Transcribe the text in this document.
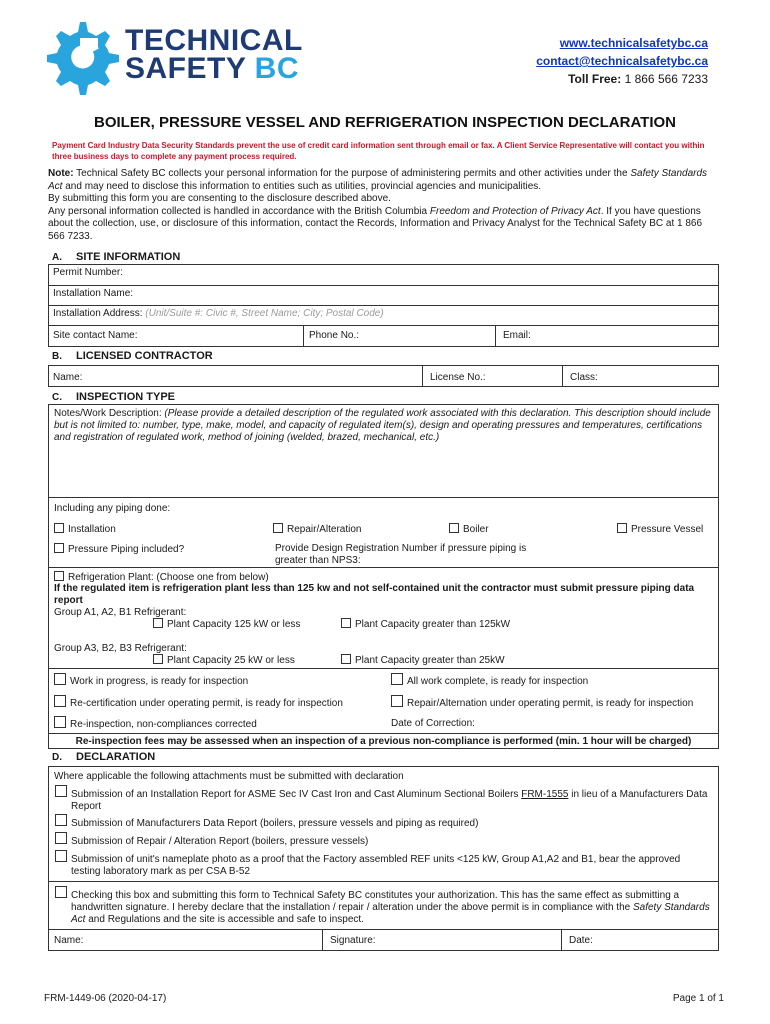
TECHNICAL
SAFETY BC
www.technicalsafetybc.ca
contact@technicalsafetybc.ca
Toll Free: 1 866 566 7233
BOILER, PRESSURE VESSEL AND REFRIGERATION INSPECTION DECLARATION
Payment Card Industry Data Security Standards prevent the use of credit card information sent through email or fax. A Client Service Representative will contact you within three business days to complete any payment process required.

Note: Technical Safety BC collects your personal information for the purpose of administering permits and other activities under the Safety Standards Act and may need to disclose this information to entities such as utilities, provincial agencies and municipalities.

By submitting this form you are consenting to the disclosure described above.

Any personal information collected is handled in accordance with the British Columbia Freedom and Protection of Privacy Act. If you have questions about the collection, use, or disclosure of this information, contact the Records, Information and Privacy Analyst for the Technical Safety BC at 1 866 566 7233.

A. SITE INFORMATION
Permit Number:
Installation Name:
Installation Address: (Unit/Suite #: Civic #, Street Name; City; Postal Code)
Site contact Name:	Phone No.:	Email:
B. LICENSED CONTRACTOR
Name:	License No.:	Class:
C. INSPECTION TYPE
Notes/Work Description: (Please provide a detailed description of the regulated work associated with this declaration. This description should include but is not limited to: number, type, make, model, and capacity of regulated item(s), design and operating pressures and temperatures, certifications and registration of regulated work, method of joining (welded, brazed, mechanical, etc.)
Including any piping done:
Installation	Repair/Alteration	Boiler	Pressure Vessel
Pressure Piping included?	Provide Design Registration Number if pressure piping is greater than NPS3:
Refrigeration Plant: (Choose one from below)
If the regulated item is refrigeration plant less than 125 kw and not self-contained unit the contractor must submit pressure piping data report
Group A1, A2, B1 Refrigerant:
Plant Capacity 125 kW or less	Plant Capacity greater than 125kW
Group A3, B2, B3 Refrigerant:
Plant Capacity 25 kW or less	Plant Capacity greater than 25kW
Work in progress, is ready for inspection	All work complete, is ready for inspection
Re-certification under operating permit, is ready for inspection	Repair/Alternation under operating permit, is ready for inspection
Re-inspection, non-compliances corrected	Date of Correction:
Re-inspection fees may be assessed when an inspection of a previous non-compliance is performed (min. 1 hour will be charged)
D. DECLARATION
Where applicable the following attachments must be submitted with declaration
Submission of an Installation Report for ASME Sec IV Cast Iron and Cast Aluminum Sectional Boilers FRM-1555 in lieu of a Manufacturers Data Report
Submission of Manufacturers Data Report (boilers, pressure vessels and piping as required)
Submission of Repair / Alteration Report (boilers, pressure vessels)
Submission of unit's nameplate photo as a proof that the Factory assembled REF units <125 kW, Group A1,A2 and B1, bear the approved testing laboratory mark as per CSA B-52
Checking this box and submitting this form to Technical Safety BC constitutes your authorization. This has the same effect as submitting a handwritten signature. I hereby declare that the installation / repair / alteration under the above permit is in compliance with the Safety Standards Act and Regulations and the site is accessible and safe to inspect.
Name:	Signature:	Date:
FRM-1449-06 (2020-04-17)	Page 1 of 1
